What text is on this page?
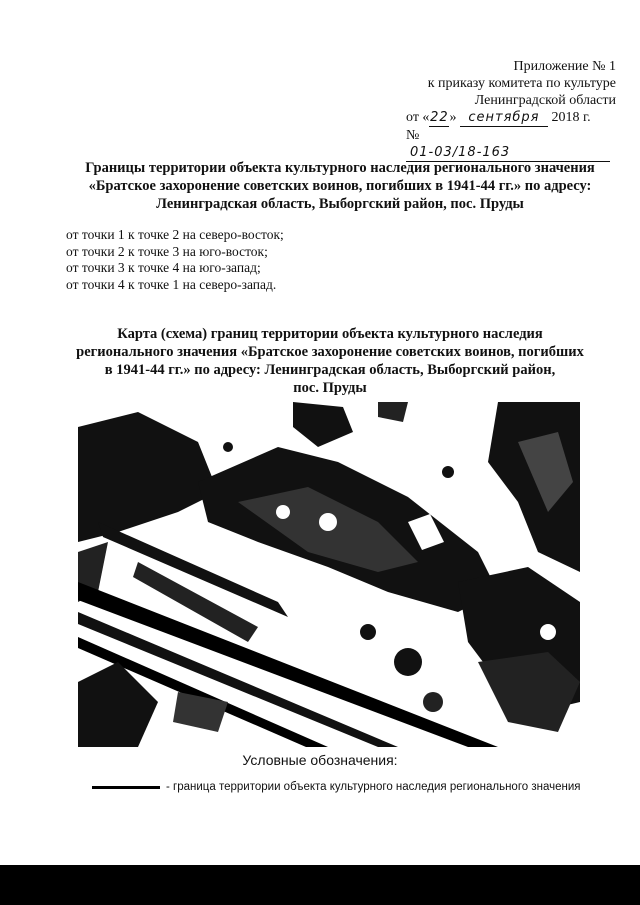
Приложение № 1
к приказу комитета по культуре
Ленинградской области
от «22» сентября 2018 г.
№ 01-03/18-163
Границы территории объекта культурного наследия регионального значения
«Братское захоронение советских воинов, погибших в 1941-44 гг.» по адресу:
Ленинградская область, Выборгский район, пос. Пруды
от точки 1 к точке 2 на северо-восток;
от точки 2 к точке 3 на юго-восток;
от точки 3 к точке 4 на юго-запад;
от точки 4 к точке 1 на северо-запад.
Карта (схема) границ территории объекта культурного наследия
регионального значения «Братское захоронение советских воинов, погибших
в 1941-44 гг.» по адресу: Ленинградская область, Выборгский район,
пос. Пруды
Условные обозначения:
- граница территории объекта культурного наследия регионального значения
